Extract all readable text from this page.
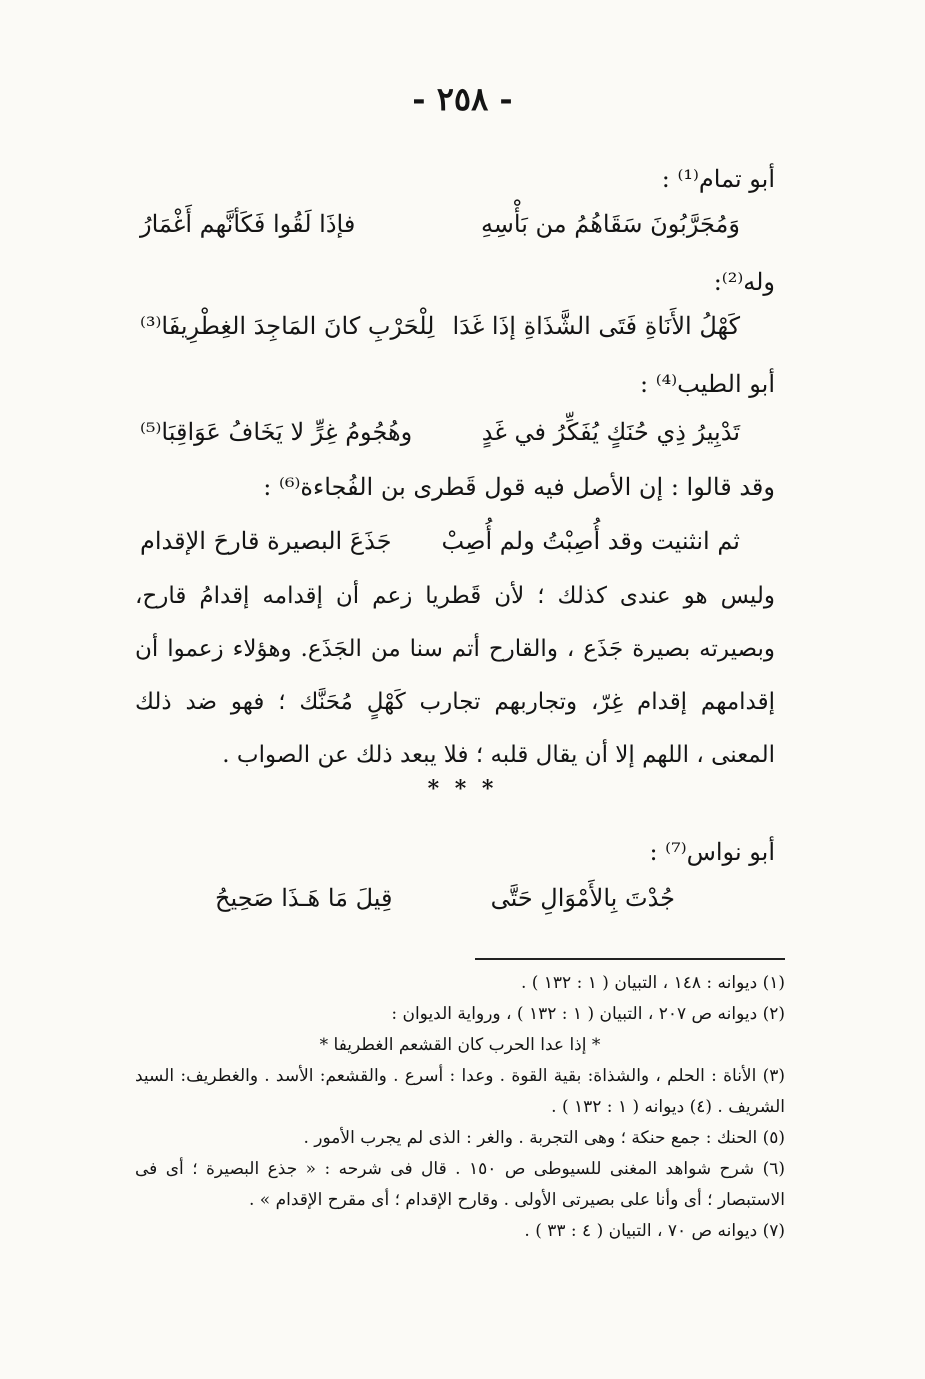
- ٢٥٨ -
أبو تمام⁽¹⁾ :
وَمُجَرَّبُونَ سَقَاهُمُ من بَأْسِهِ
فإذَا لَقُوا فَكَأنَّهم أَغْمَارُ
وله⁽²⁾:
كَهْلُ الأَنَاةِ فَتَى الشَّذَاةِ إذَا غَدَا
لِلْحَرْبِ كانَ المَاجِدَ الغِطْرِيفَا⁽³⁾
أبو الطيب⁽⁴⁾ :
تَدْبِيرُ ذِي حُنَكٍ يُفَكِّرُ في غَدٍ
وهُجُومُ غِرٍّ لا يَخَافُ عَوَاقِبَا⁽⁵⁾
وقد قالوا : إن الأصل فيه قول قَطرى بن الفُجاءة⁽⁶⁾ :
ثم انثنيت وقد أُصِبْتُ ولم أُصِبْ
جَذَعَ البصيرة قارحَ الإقدام
وليس هو عندى كذلك ؛ لأن قَطريا زعم أن إقدامه إقدامُ قارح، وبصيرته بصيرة جَذَع ، والقارح أتم سنا من الجَذَع. وهؤلاء زعموا أن إقدامهم إقدام غِرّ، وتجاربهم تجارب كَهْلٍ مُحَنَّك ؛ فهو ضد ذلك المعنى ، اللهم إلا أن يقال قلبه ؛ فلا يبعد ذلك عن الصواب .
* * *
أبو نواس⁽⁷⁾ :
جُدْتَ بِالأَمْوَالِ حَتَّى
قِيلَ مَا هَـذَا صَحِيحُ

(١) ديوانه : ١٤٨ ، التبيان ( ١ : ١٣٢ ) .

(٢) ديوانه ص ٢٠٧ ، التبيان ( ١ : ١٣٢ ) ، ورواية الديوان :

* إذا عدا الحرب كان القشعم الغطريفا *

(٣) الأناة : الحلم ، والشذاة: بقية القوة . وعدا : أسرع . والقشعم: الأسد . والغطريف: السيد الشريف . (٤) ديوانه ( ١ : ١٣٢ ) .

(٥) الحنك : جمع حنكة ؛ وهى التجربة . والغر : الذى لم يجرب الأمور .

(٦) شرح شواهد المغنى للسيوطى ص ١٥٠ . قال فى شرحه : « جذع البصيرة ؛ أى فى الاستبصار ؛ أى وأنا على بصيرتى الأولى . وقارح الإقدام ؛ أى مقرح الإقدام » .

(٧) ديوانه ص ٧٠ ، التبيان ( ٤ : ٣٣ ) .
